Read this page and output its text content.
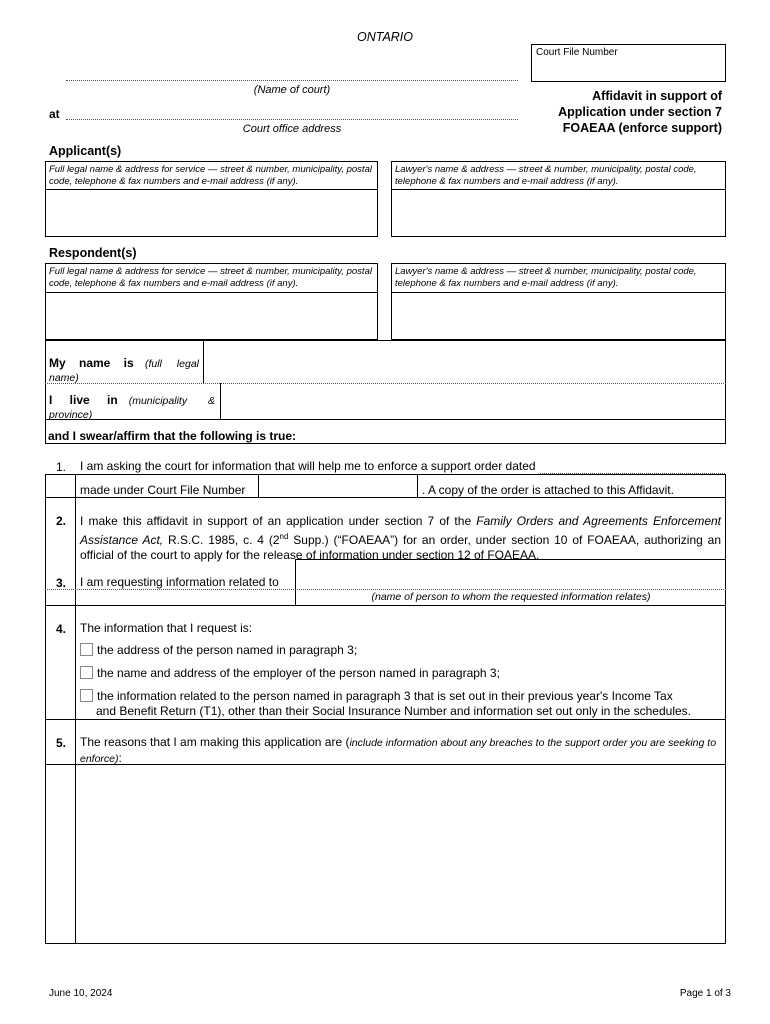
ONTARIO
Court File Number
(Name of court)
at
Court office address
Affidavit in support of
Application under section 7
FOAEAA (enforce support)
Applicant(s)
Full legal name & address for service — street & number, municipality, postal code, telephone & fax numbers and e-mail address (if any).
Lawyer's name & address — street & number, municipality, postal code, telephone & fax numbers and e-mail address (if any).
Respondent(s)
Full legal name & address for service — street & number, municipality, postal code, telephone & fax numbers and e-mail address (if any).
Lawyer's name & address — street & number, municipality, postal code, telephone & fax numbers and e-mail address (if any).
My name is (full legal
name)
I live in (municipality &
province)
and I swear/affirm that the following is true:
1. I am asking the court for information that will help me to enforce a support order dated
made under Court File Number	. A copy of the order is attached to this Affidavit.
2. I make this affidavit in support of an application under section 7 of the Family Orders and Agreements Enforcement Assistance Act, R.S.C. 1985, c. 4 (2nd Supp.) (“FOAEAA”) for an order, under section 10 of FOAEAA, authorizing an official of the court to apply for the release of information under section 12 of FOAEAA.
3. I am requesting information related to
(name of person to whom the requested information relates)
4. The information that I request is:
the address of the person named in paragraph 3;
the name and address of the employer of the person named in paragraph 3;
the information related to the person named in paragraph 3 that is set out in their previous year's Income Tax
and Benefit Return (T1), other than their Social Insurance Number and information set out only in the schedules.
5. The reasons that I am making this application are (include information about any breaches to the support order you are seeking to enforce):
June 10, 2024	Page 1 of 3
